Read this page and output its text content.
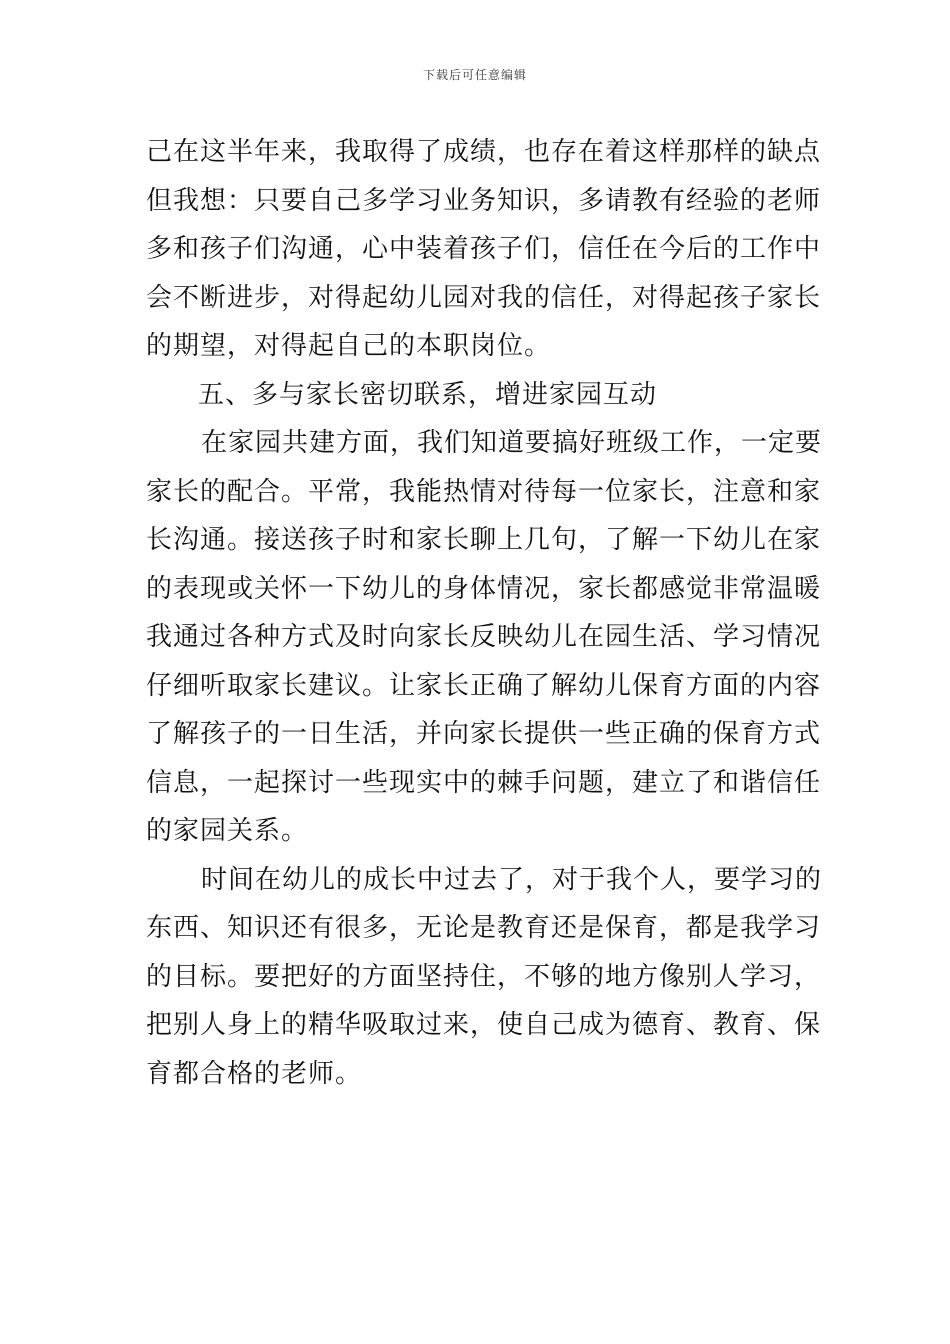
下载后可任意编辑
己在这半年来，我取得了成绩，也存在着这样那样的缺点
但我想：只要自己多学习业务知识，多请教有经验的老师
多和孩子们沟通，心中装着孩子们，信任在今后的工作中
会不断进步，对得起幼儿园对我的信任，对得起孩子家长
的期望，对得起自己的本职岗位。
五、多与家长密切联系，增进家园互动
在家园共建方面，我们知道要搞好班级工作，一定要
家长的配合。平常，我能热情对待每一位家长，注意和家
长沟通。接送孩子时和家长聊上几句，了解一下幼儿在家
的表现或关怀一下幼儿的身体情况，家长都感觉非常温暖
我通过各种方式及时向家长反映幼儿在园生活、学习情况
仔细听取家长建议。让家长正确了解幼儿保育方面的内容
了解孩子的一日生活，并向家长提供一些正确的保育方式
信息，一起探讨一些现实中的棘手问题，建立了和谐信任
的家园关系。
时间在幼儿的成长中过去了，对于我个人，要学习的
东西、知识还有很多，无论是教育还是保育，都是我学习
的目标。要把好的方面坚持住，不够的地方像别人学习，
把别人身上的精华吸取过来，使自己成为德育、教育、保
育都合格的老师。
